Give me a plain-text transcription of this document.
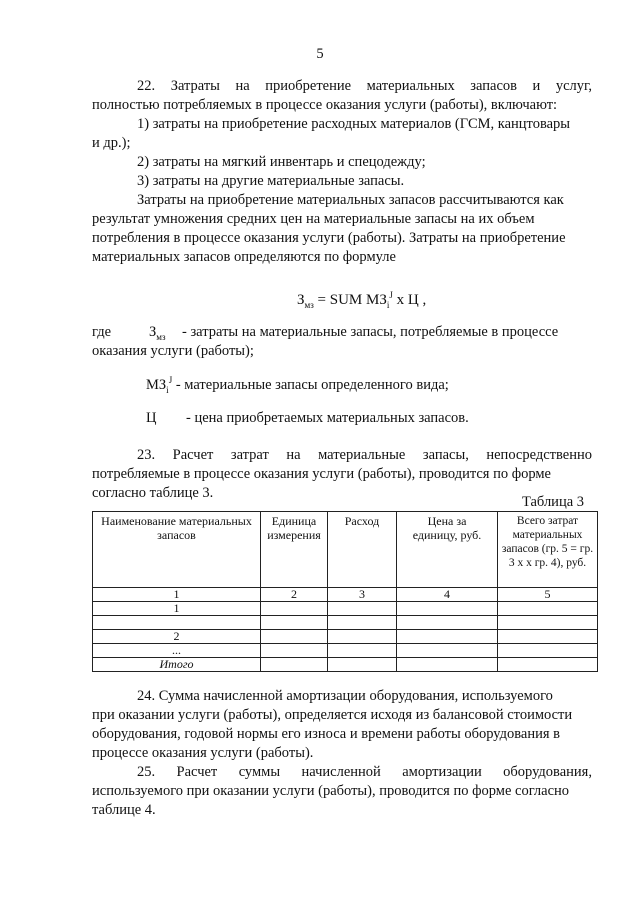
5
22. Затраты на приобретение материальных запасов и услуг,
полностью потребляемых в процессе оказания услуги (работы), включают:
1) затраты на приобретение расходных материалов (ГСМ, канцтовары
и др.);
2) затраты на мягкий инвентарь и спецодежду;
3) затраты на другие материальные запасы.
Затраты на приобретение материальных запасов рассчитываются как
результат умножения средних цен на материальные запасы на их объем
потребления в процессе оказания услуги (работы). Затраты на приобретение
материальных запасов определяются по формуле
$З_{мз}$ = SUM $МЗ_i^J$ x Ц ,
где	$З_{мз}$ - затраты на материальные запасы, потребляемые в процессе
оказания услуги (работы);
$МЗ_i^J$ - материальные запасы определенного вида;
Ц - цена приобретаемых материальных запасов.
23. Расчет затрат на материальные запасы, непосредственно
потребляемые в процессе оказания услуги (работы), проводится по форме
согласно таблице 3.
Таблица 3
Наименование материальных запасов	Единица измерения	Расход	Цена за единицу, руб.	Всего затрат материальных запасов (гр. 5 = гр. 3 х х гр. 4), руб.
1	2	3	4	5
1				

2				
...				
Итого				
24. Сумма начисленной амортизации оборудования, используемого
при оказании услуги (работы), определяется исходя из балансовой стоимости
оборудования, годовой нормы его износа и времени работы оборудования в
процессе оказания услуги (работы).
25. Расчет суммы начисленной амортизации оборудования,
используемого при оказании услуги (работы), проводится по форме согласно
таблице 4.
